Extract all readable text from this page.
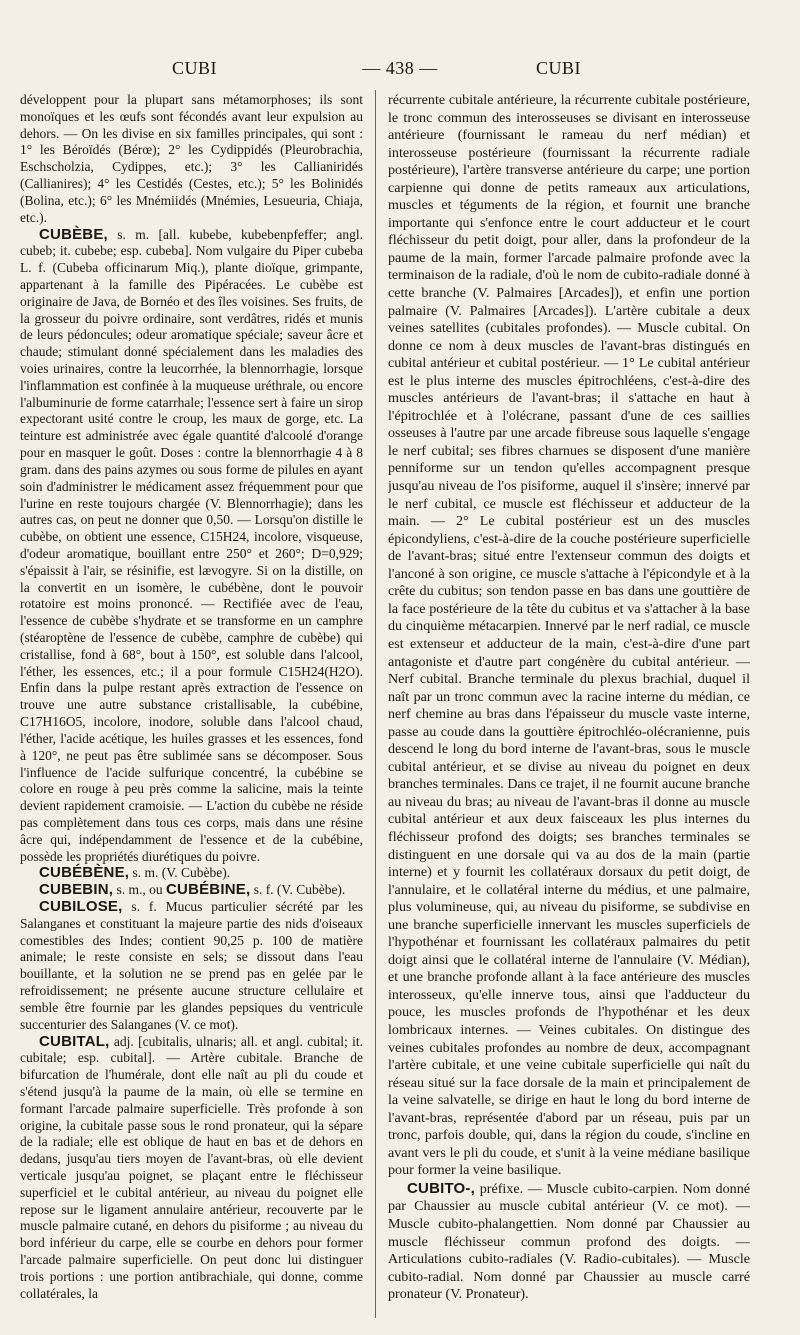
CUBI	— 438 —	CUBI

développent pour la plupart sans métamorphoses; ils sont monoïques et les œufs sont fécondés avant leur expulsion au dehors. — On les divise en six familles principales, qui sont : 1° les Béroïdés (Bérœ); 2° les Cydippidés (Pleurobrachia, Eschscholzia, Cydippes, etc.); 3° les Callianiridés (Callianires); 4° les Cestidés (Cestes, etc.); 5° les Bolinidés (Bolina, etc.); 6° les Mnémiidés (Mnémies, Lesueuria, Chiaja, etc.).

CUBÈBE, s. m. [all. kubebe, kubebenpfeffer; angl. cubeb; it. cubebe; esp. cubeba]. Nom vulgaire du Piper cubeba L. f. (Cubeba officinarum Miq.), plante dioïque, grimpante, appartenant à la famille des Pipéracées. Le cubèbe est originaire de Java, de Bornéo et des îles voisines. Ses fruits, de la grosseur du poivre ordinaire, sont verdâtres, ridés et munis de leurs pédoncules; odeur aromatique spéciale; saveur âcre et chaude; stimulant donné spécialement dans les maladies des voies urinaires, contre la leucorrhée, la blennorrhagie, lorsque l'inflammation est confinée à la muqueuse uréthrale, ou encore l'albuminurie de forme catarrhale; l'essence sert à faire un sirop expectorant usité contre le croup, les maux de gorge, etc. La teinture est administrée avec égale quantité d'alcoolé d'orange pour en masquer le goût. Doses : contre la blennorrhagie 4 à 8 gram. dans des pains azymes ou sous forme de pilules en ayant soin d'administrer le médicament assez fréquemment pour que l'urine en reste toujours chargée (V. Blennorrhagie); dans les autres cas, on peut ne donner que 0,50. — Lorsqu'on distille le cubèbe, on obtient une essence, C15H24, incolore, visqueuse, d'odeur aromatique, bouillant entre 250° et 260°; D=0,929; s'épaissit à l'air, se résinifie, est lævogyre. Si on la distille, on la convertit en un isomère, le cubébène, dont le pouvoir rotatoire est moins prononcé. — Rectifiée avec de l'eau, l'essence de cubèbe s'hydrate et se transforme en un camphre (stéaroptène de l'essence de cubèbe, camphre de cubèbe) qui cristallise, fond à 68°, bout à 150°, est soluble dans l'alcool, l'éther, les essences, etc.; il a pour formule C15H24(H2O). Enfin dans la pulpe restant après extraction de l'essence on trouve une autre substance cristallisable, la cubébine, C17H16O5, incolore, inodore, soluble dans l'alcool chaud, l'éther, l'acide acétique, les huiles grasses et les essences, fond à 120°, ne peut pas être sublimée sans se décomposer. Sous l'influence de l'acide sulfurique concentré, la cubébine se colore en rouge à peu près comme la salicine, mais la teinte devient rapidement cramoisie. — L'action du cubèbe ne réside pas complètement dans tous ces corps, mais dans une résine âcre qui, indépendamment de l'essence et de la cubébine, possède les propriétés diurétiques du poivre.

CUBÉBÈNE, s. m. (V. Cubèbe).

CUBEBIN, s. m., ou CUBÉBINE, s. f. (V. Cubèbe).

CUBILOSE, s. f. Mucus particulier sécrété par les Salanganes et constituant la majeure partie des nids d'oiseaux comestibles des Indes; contient 90,25 p. 100 de matière animale; le reste consiste en sels; se dissout dans l'eau bouillante, et la solution ne se prend pas en gelée par le refroidissement; ne présente aucune structure cellulaire et semble être fournie par les glandes pepsiques du ventricule succenturier des Salanganes (V. ce mot).

CUBITAL, adj. [cubitalis, ulnaris; all. et angl. cubital; it. cubitale; esp. cubital]. — Artère cubitale. Branche de bifurcation de l'humérale, dont elle naît au pli du coude et s'étend jusqu'à la paume de la main, où elle se termine en formant l'arcade palmaire superficielle. Très profonde à son origine, la cubitale passe sous le rond pronateur, qui la sépare de la radiale; elle est oblique de haut en bas et de dehors en dedans, jusqu'au tiers moyen de l'avant-bras, où elle devient verticale jusqu'au poignet, se plaçant entre le fléchisseur superficiel et le cubital antérieur, au niveau du poignet elle repose sur le ligament annulaire antérieur, recouverte par le muscle palmaire cutané, en dehors du pisiforme ; au niveau du bord inférieur du carpe, elle se courbe en dehors pour former l'arcade palmaire superficielle. On peut donc lui distinguer trois portions : une portion antibrachiale, qui donne, comme collatérales, la

récurrente cubitale antérieure, la récurrente cubitale postérieure, le tronc commun des interosseuses se divisant en interosseuse antérieure (fournissant le rameau du nerf médian) et interosseuse postérieure (fournissant la récurrente radiale postérieure), l'artère transverse antérieure du carpe; une portion carpienne qui donne de petits rameaux aux articulations, muscles et téguments de la région, et fournit une branche importante qui s'enfonce entre le court adducteur et le court fléchisseur du petit doigt, pour aller, dans la profondeur de la paume de la main, former l'arcade palmaire profonde avec la terminaison de la radiale, d'où le nom de cubito-radiale donné à cette branche (V. Palmaires [Arcades]), et enfin une portion palmaire (V. Palmaires [Arcades]). L'artère cubitale a deux veines satellites (cubitales profondes). — Muscle cubital. On donne ce nom à deux muscles de l'avant-bras distingués en cubital antérieur et cubital postérieur. — 1° Le cubital antérieur est le plus interne des muscles épitrochléens, c'est-à-dire des muscles antérieurs de l'avant-bras; il s'attache en haut à l'épitrochlée et à l'olécrane, passant d'une de ces saillies osseuses à l'autre par une arcade fibreuse sous laquelle s'engage le nerf cubital; ses fibres charnues se disposent d'une manière penniforme sur un tendon qu'elles accompagnent presque jusqu'au niveau de l'os pisiforme, auquel il s'insère; innervé par le nerf cubital, ce muscle est fléchisseur et adducteur de la main. — 2° Le cubital postérieur est un des muscles épicondyliens, c'est-à-dire de la couche postérieure superficielle de l'avant-bras; situé entre l'extenseur commun des doigts et l'anconé à son origine, ce muscle s'attache à l'épicondyle et à la crête du cubitus; son tendon passe en bas dans une gouttière de la face postérieure de la tête du cubitus et va s'attacher à la base du cinquième métacarpien. Innervé par le nerf radial, ce muscle est extenseur et adducteur de la main, c'est-à-dire d'une part antagoniste et d'autre part congénère du cubital antérieur. — Nerf cubital. Branche terminale du plexus brachial, duquel il naît par un tronc commun avec la racine interne du médian, ce nerf chemine au bras dans l'épaisseur du muscle vaste interne, passe au coude dans la gouttière épitrochléo-olécranienne, puis descend le long du bord interne de l'avant-bras, sous le muscle cubital antérieur, et se divise au niveau du poignet en deux branches terminales. Dans ce trajet, il ne fournit aucune branche au niveau du bras; au niveau de l'avant-bras il donne au muscle cubital antérieur et aux deux faisceaux les plus internes du fléchisseur profond des doigts; ses branches terminales se distinguent en une dorsale qui va au dos de la main (partie interne) et y fournit les collatéraux dorsaux du petit doigt, de l'annulaire, et le collatéral interne du médius, et une palmaire, plus volumineuse, qui, au niveau du pisiforme, se subdivise en une branche superficielle innervant les muscles superficiels de l'hypothénar et fournissant les collatéraux palmaires du petit doigt ainsi que le collatéral interne de l'annulaire (V. Médian), et une branche profonde allant à la face antérieure des muscles interosseux, qu'elle innerve tous, ainsi que l'adducteur du pouce, les muscles profonds de l'hypothénar et les deux lombricaux internes. — Veines cubitales. On distingue des veines cubitales profondes au nombre de deux, accompagnant l'artère cubitale, et une veine cubitale superficielle qui naît du réseau situé sur la face dorsale de la main et principalement de la veine salvatelle, se dirige en haut le long du bord interne de l'avant-bras, représentée d'abord par un réseau, puis par un tronc, parfois double, qui, dans la région du coude, s'incline en avant vers le pli du coude, et s'unit à la veine médiane basilique pour former la veine basilique.

CUBITO-, préfixe. — Muscle cubito-carpien. Nom donné par Chaussier au muscle cubital antérieur (V. ce mot). — Muscle cubito-phalangettien. Nom donné par Chaussier au muscle fléchisseur commun profond des doigts. — Articulations cubito-radiales (V. Radio-cubitales). — Muscle cubito-radial. Nom donné par Chaussier au muscle carré pronateur (V. Pronateur).
